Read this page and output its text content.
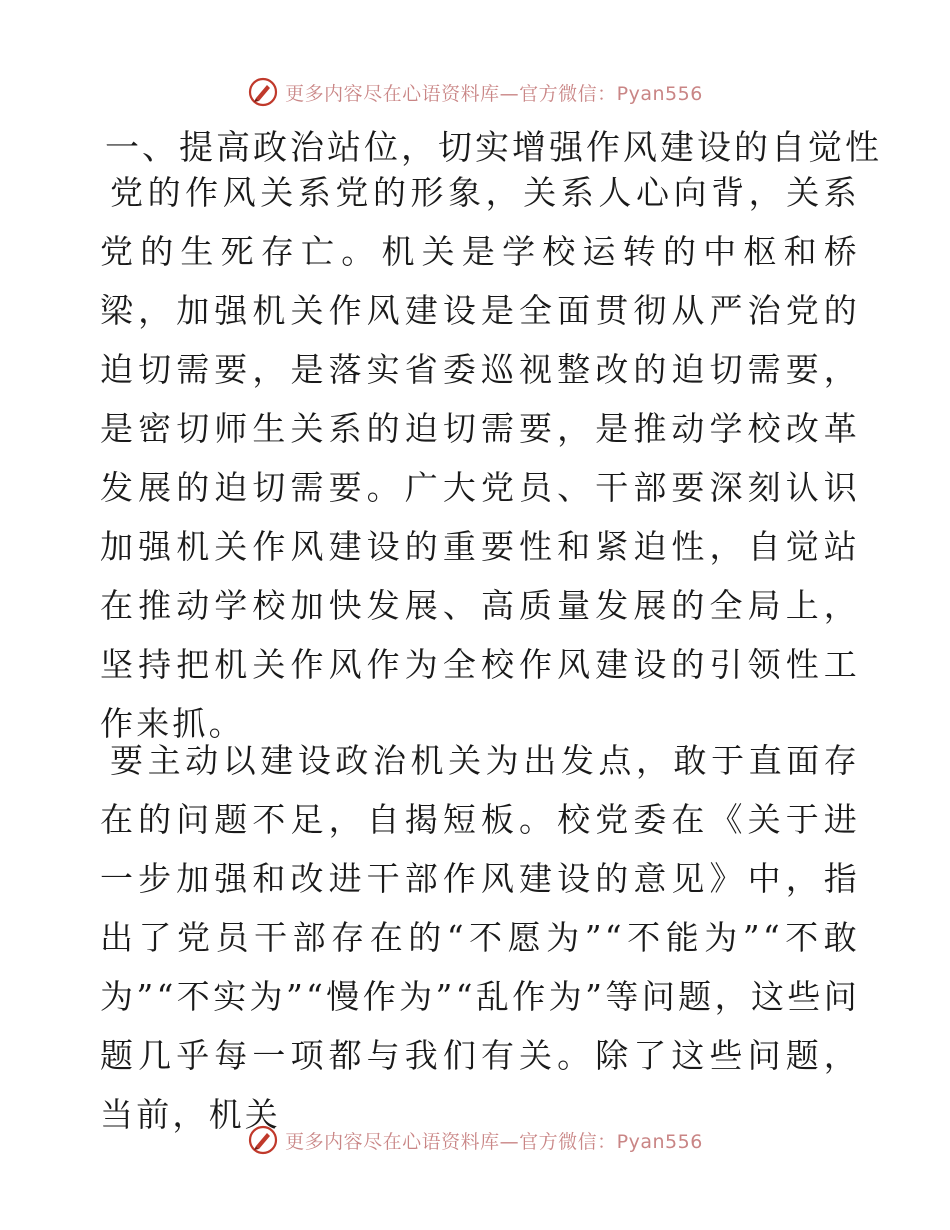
更多内容尽在心语资料库—官方微信：Pyan556
一、提高政治站位，切实增强作风建设的自觉性

党的作风关系党的形象，关系人心向背，关系党的生死存亡。机关是学校运转的中枢和桥梁，加强机关作风建设是全面贯彻从严治党的迫切需要，是落实省委巡视整改的迫切需要，是密切师生关系的迫切需要，是推动学校改革发展的迫切需要。广大党员、干部要深刻认识加强机关作风建设的重要性和紧迫性，自觉站在推动学校加快发展、高质量发展的全局上，坚持把机关作风作为全校作风建设的引领性工作来抓。

要主动以建设政治机关为出发点，敢于直面存在的问题不足，自揭短板。校党委在《关于进一步加强和改进干部作风建设的意见》中，指出了党员干部存在的“不愿为”“不能为”“不敢为”“不实为”“慢作为”“乱作为”等问题，这些问题几乎每一项都与我们有关。除了这些问题，当前，机关

更多内容尽在心语资料库—官方微信：Pyan556
